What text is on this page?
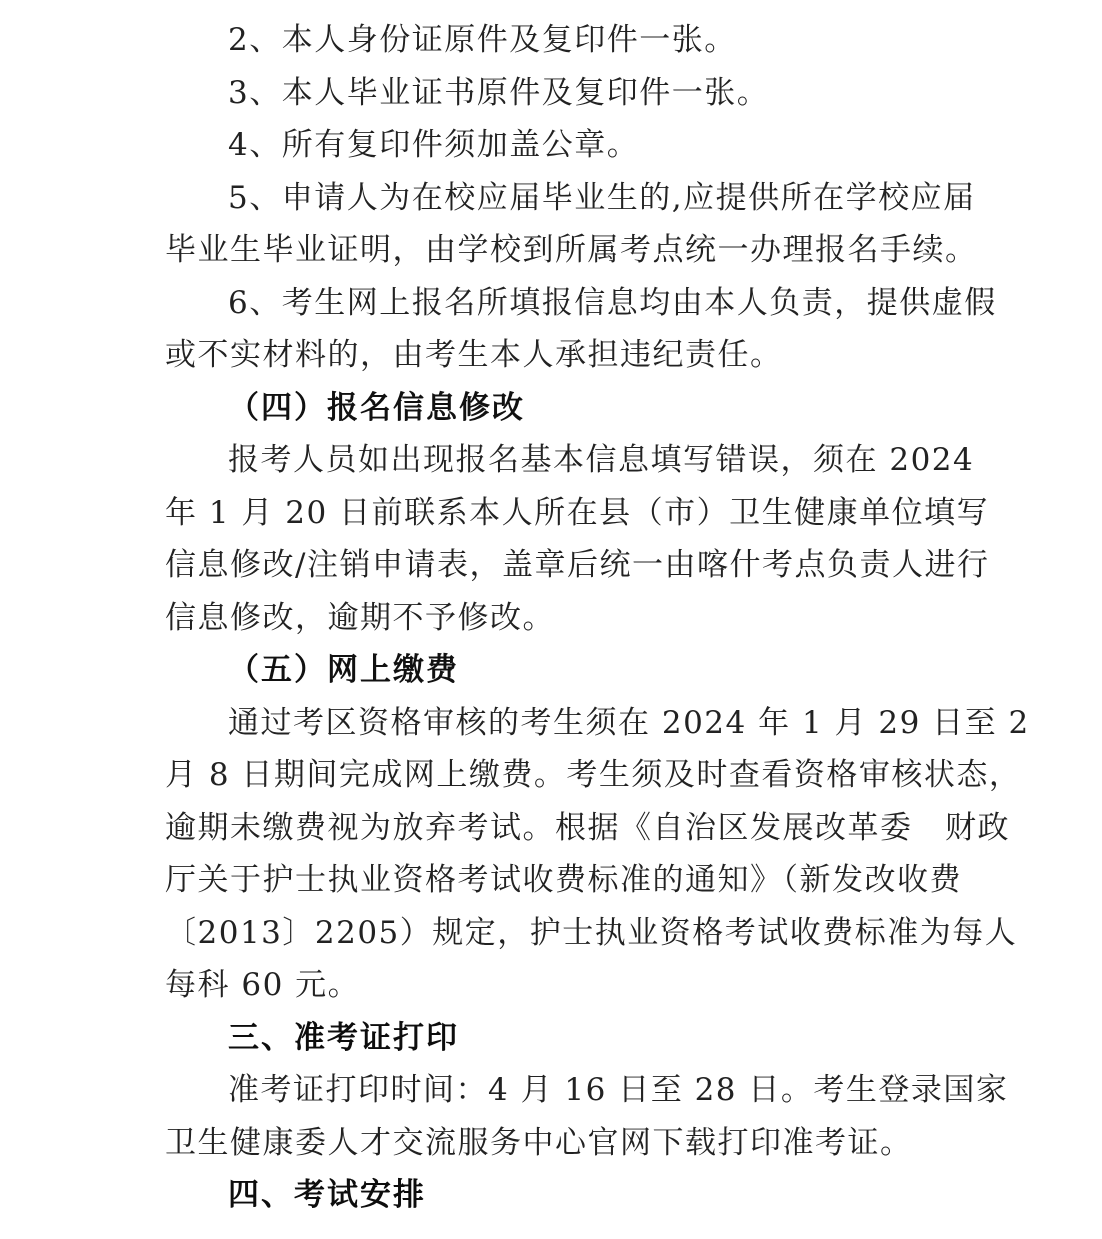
2、本人身份证原件及复印件一张。
3、本人毕业证书原件及复印件一张。
4、所有复印件须加盖公章。
5、申请人为在校应届毕业生的,应提供所在学校应届
毕业生毕业证明，由学校到所属考点统一办理报名手续。
6、考生网上报名所填报信息均由本人负责，提供虚假
或不实材料的，由考生本人承担违纪责任。
（四）报名信息修改
报考人员如出现报名基本信息填写错误，须在 2024
年 1 月 20 日前联系本人所在县（市）卫生健康单位填写
信息修改/注销申请表，盖章后统一由喀什考点负责人进行
信息修改，逾期不予修改。
（五）网上缴费
通过考区资格审核的考生须在 2024 年 1 月 29 日至 2
月 8 日期间完成网上缴费。考生须及时查看资格审核状态，
逾期未缴费视为放弃考试。根据《自治区发展改革委　财政
厅关于护士执业资格考试收费标准的通知》（新发改收费
〔2013〕2205）规定，护士执业资格考试收费标准为每人
每科 60 元。
三、准考证打印
准考证打印时间：4 月 16 日至 28 日。考生登录国家
卫生健康委人才交流服务中心官网下载打印准考证。
四、考试安排
